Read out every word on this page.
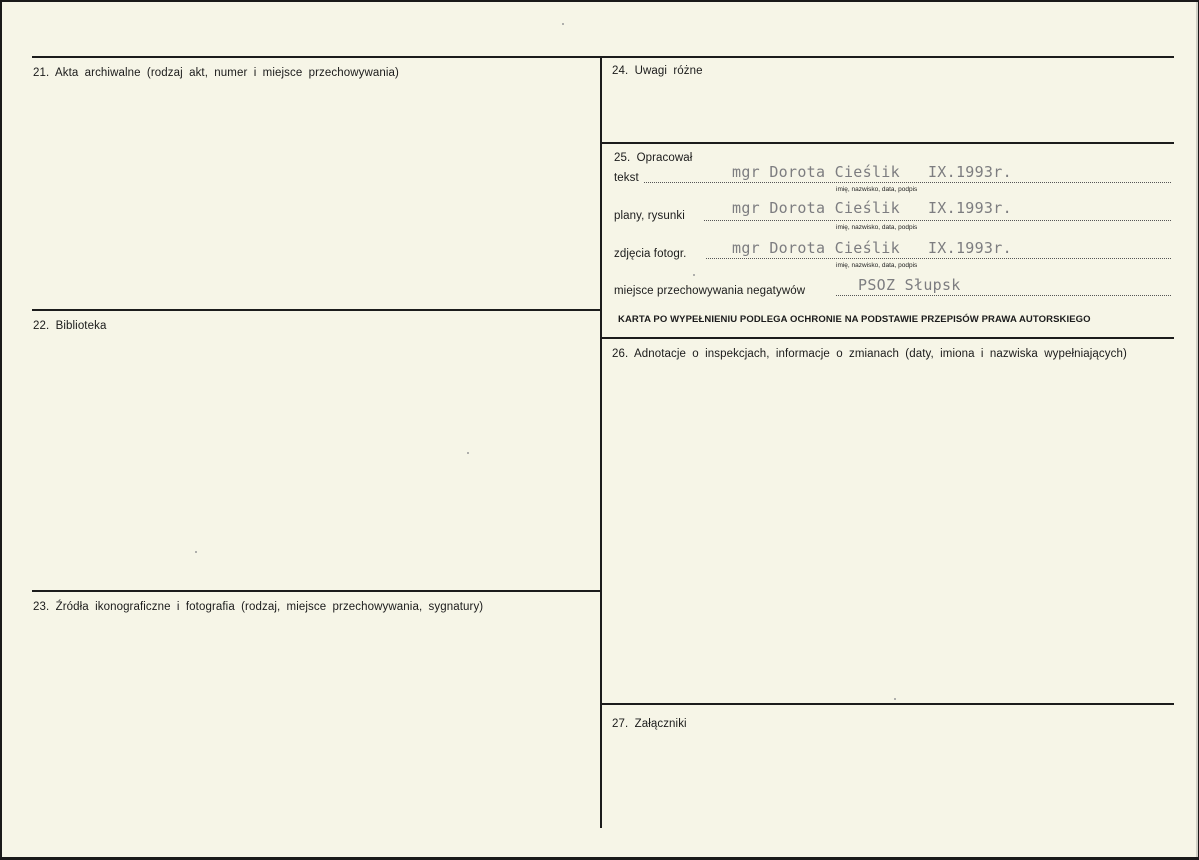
21. Akta archiwalne (rodzaj akt, numer i miejsce przechowywania)
22. Biblioteka
23. Źródła ikonograficzne i fotografia (rodzaj, miejsce przechowywania, sygnatury)
24. Uwagi różne
26. Adnotacje o inspekcjach, informacje o zmianach (daty, imiona i nazwiska wypełniających)
27. Załączniki
25. Opracował
tekst	mgr Dorota Cieślik   IX.1993r.
imię, nazwisko, data, podpis
plany, rysunki	mgr Dorota Cieślik   IX.1993r.
imię, nazwisko, data, podpis
zdjęcia fotogr.	mgr Dorota Cieślik   IX.1993r.
imię, nazwisko, data, podpis
miejsce przechowywania negatywów	PSOZ Słupsk
KARTA PO WYPEŁNIENIU PODLEGA OCHRONIE NA PODSTAWIE PRZEPISÓW PRAWA AUTORSKIEGO
